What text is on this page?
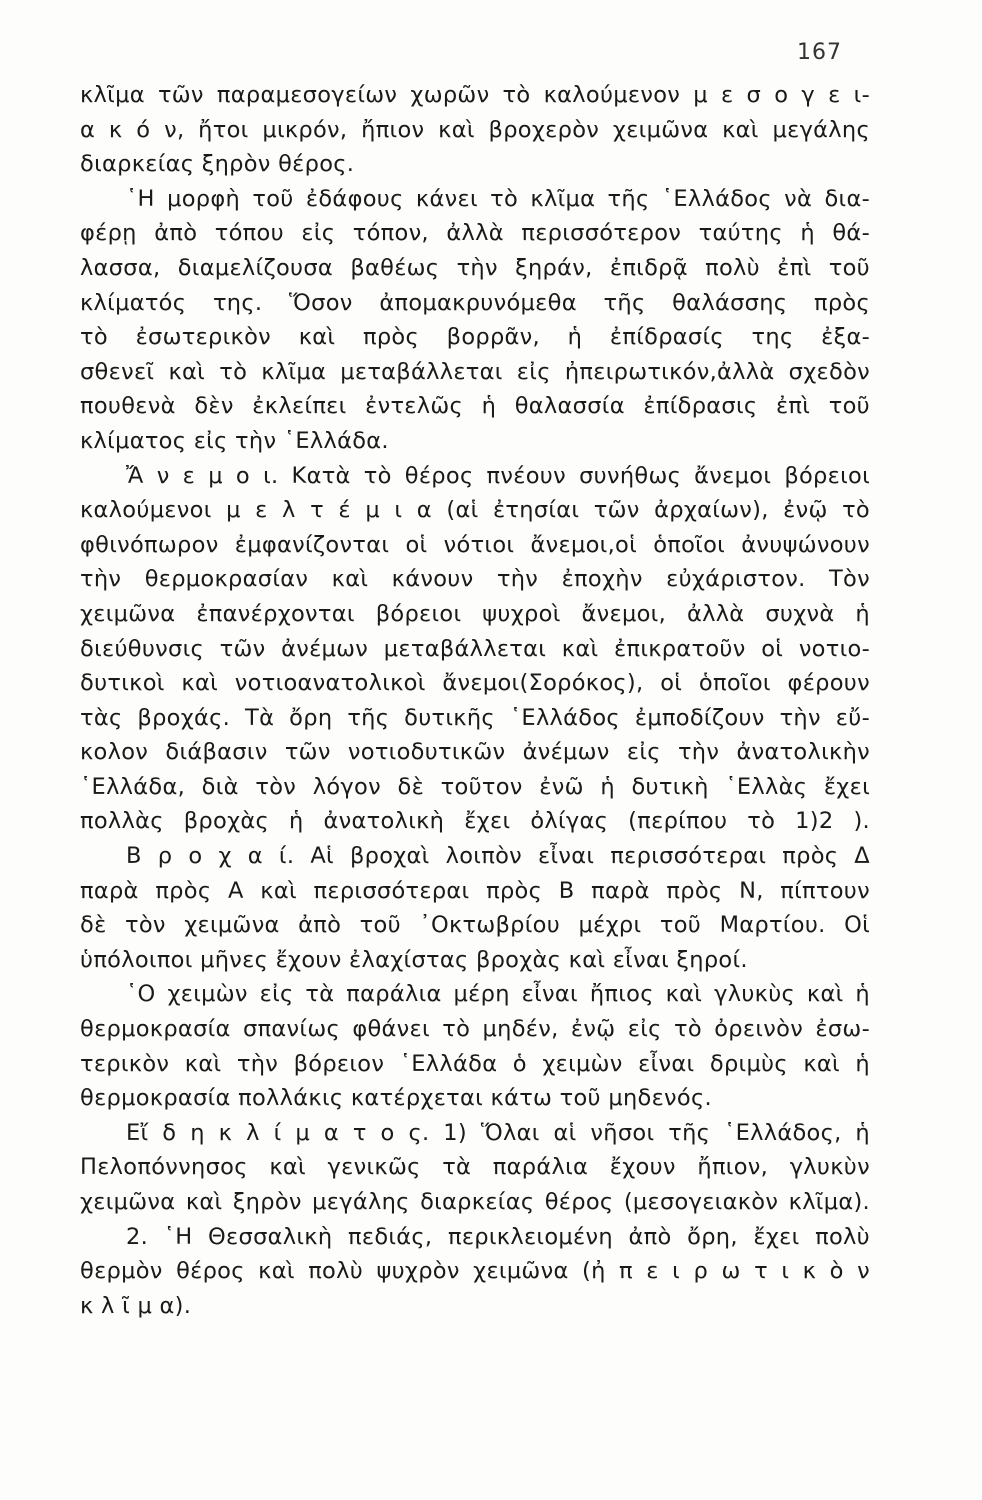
167
κλῖμα τῶν παραμεσογείων χωρῶν τὸ καλούμενον μ ε σ ο γ ε ι-
α κ ό ν, ἤτοι μικρόν, ἤπιον καὶ βροχερὸν χειμῶνα καὶ μεγάλης
διαρκείας ξηρὸν θέρος.
῾Η μορφὴ τοῦ ἐδάφους κάνει τὸ κλῖμα τῆς ῾Ελλάδος νὰ δια-
φέρῃ ἀπὸ τόπου εἰς τόπον, ἀλλὰ περισσότερον ταύτης ἡ θά-
λασσα, διαμελίζουσα βαθέως τὴν ξηράν, ἐπιδρᾷ πολὺ ἐπὶ τοῦ
κλίματός της. Ὅσον ἀπομακρυνόμεθα τῆς θαλάσσης πρὸς
τὸ ἐσωτερικὸν καὶ πρὸς βορρᾶν, ἡ ἐπίδρασίς της ἐξα-
σθενεῖ καὶ τὸ κλῖμα μεταβάλλεται εἰς ἠπειρωτικόν,ἀλλὰ σχεδὸν
πουθενὰ δὲν ἐκλείπει ἐντελῶς ἡ θαλασσία ἐπίδρασις ἐπὶ τοῦ
κλίματος εἰς τὴν ῾Ελλάδα.
Ἄ ν ε μ ο ι. Κατὰ τὸ θέρος πνέουν συνήθως ἄνεμοι βόρειοι
καλούμενοι μ ε λ τ έ μ ι α (αἱ ἐτησίαι τῶν ἀρχαίων), ἐνῷ τὸ
φθινόπωρον ἐμφανίζονται οἱ νότιοι ἄνεμοι,οἱ ὁποῖοι ἀνυψώνουν
τὴν θερμοκρασίαν καὶ κάνουν τὴν ἐποχὴν εὐχάριστον. Τὸν
χειμῶνα ἐπανέρχονται βόρειοι ψυχροὶ ἄνεμοι, ἀλλὰ συχνὰ ἡ
διεύθυνσις τῶν ἀνέμων μεταβάλλεται καὶ ἐπικρατοῦν οἱ νοτιο-
δυτικοὶ καὶ νοτιοανατολικοὶ ἄνεμοι(Σορόκος), οἱ ὁποῖοι φέρουν
τὰς βροχάς. Τὰ ὄρη τῆς δυτικῆς ῾Ελλάδος ἐμποδίζουν τὴν εὔ-
κολον διάβασιν τῶν νοτιοδυτικῶν ἀνέμων εἰς τὴν ἀνατολικὴν
῾Ελλάδα, διὰ τὸν λόγον δὲ τοῦτον ἐνῶ ἡ δυτικὴ ῾Ελλὰς ἔχει
πολλὰς βροχὰς ἡ ἀνατολικὴ ἔχει ὀλίγας (περίπου τὸ 1)2 ).
Β ρ ο χ α ί. Αἱ βροχαὶ λοιπὸν εἶναι περισσότεραι πρὸς Δ
παρὰ πρὸς Α καὶ περισσότεραι πρὸς Β παρὰ πρὸς Ν, πίπτουν
δὲ τὸν χειμῶνα ἀπὸ τοῦ ᾿Οκτωβρίου μέχρι τοῦ Μαρτίου. Οἱ
ὑπόλοιποι μῆνες ἔχουν ἐλαχίστας βροχὰς καὶ εἶναι ξηροί.
῾Ο χειμὼν εἰς τὰ παράλια μέρη εἶναι ἤπιος καὶ γλυκὺς καὶ ἡ
θερμοκρασία σπανίως φθάνει τὸ μηδέν, ἐνῷ εἰς τὸ ὀρεινὸν ἐσω-
τερικὸν καὶ τὴν βόρειον ῾Ελλάδα ὁ χειμὼν εἶναι δριμὺς καὶ ἡ
θερμοκρασία πολλάκις κατέρχεται κάτω τοῦ μηδενός.
Εἴ δ η κ λ ί μ α τ ο ς. 1) Ὅλαι αἱ νῆσοι τῆς ῾Ελλάδος, ἡ
Πελοπόννησος καὶ γενικῶς τὰ παράλια ἔχουν ἤπιον, γλυκὺν
χειμῶνα καὶ ξηρὸν μεγάλης διαρκείας θέρος (μεσογειακὸν κλῖμα).
2. ῾Η Θεσσαλικὴ πεδιάς, περικλειομένη ἀπὸ ὄρη, ἔχει πολὺ
θερμὸν θέρος καὶ πολὺ ψυχρὸν χειμῶνα (ἠ π ε ι ρ ω τ ι κ ὸ ν
κ λ ῖ μ α).
